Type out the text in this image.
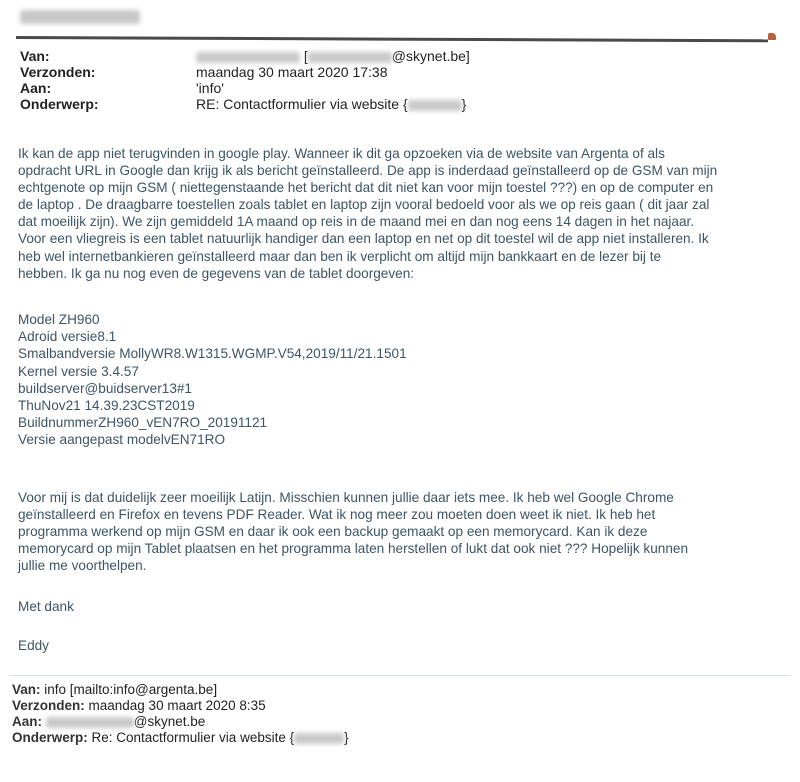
Van:	[	@skynet.be]
Verzonden:	maandag 30 maart 2020 17:38
Aan:	'info'
Onderwerp:	RE: Contactformulier via website {	}

Ik kan de app niet terugvinden in google play. Wanneer ik dit ga opzoeken via de website van Argenta of als
opdracht URL in Google dan krijg ik als bericht geïnstalleerd. De app is inderdaad geïnstalleerd op de GSM van mijn
echtgenote op mijn GSM ( niettegenstaande het bericht dat dit niet kan voor mijn toestel ???) en op de computer en
de laptop . De draagbarre toestellen zoals tablet en laptop zijn vooral bedoeld voor als we op reis gaan ( dit jaar zal
dat moeilijk zijn). We zijn gemiddeld 1A maand op reis in de maand mei en dan nog eens 14 dagen in het najaar.
Voor een vliegreis is een tablet natuurlijk handiger dan een laptop en net op dit toestel wil de app niet installeren. Ik
heb wel internetbankieren geïnstalleerd maar dan ben ik verplicht om altijd mijn bankkaart en de lezer bij te
hebben. Ik ga nu nog even de gegevens van de tablet doorgeven:

Model ZH960
Adroid versie8.1
Smalbandversie MollyWR8.W1315.WGMP.V54,2019/11/21.1501
Kernel versie 3.4.57
buildserver@buidserver13#1
ThuNov21 14.39.23CST2019
BuildnummerZH960_vEN7RO_20191121
Versie aangepast modelvEN71RO
Voor mij is dat duidelijk zeer moeilijk Latijn. Misschien kunnen jullie daar iets mee. Ik heb wel Google Chrome
geïnstalleerd en Firefox en tevens PDF Reader. Wat ik nog meer zou moeten doen weet ik niet. Ik heb het
programma werkend op mijn GSM en daar ik ook een backup gemaakt op een memorycard. Kan ik deze
memorycard op mijn Tablet plaatsen en het programma laten herstellen of lukt dat ook niet ??? Hopelijk kunnen
jullie me voorthelpen.
Met dank
Eddy
Van: info [mailto:info@argenta.be]
Verzonden: maandag 30 maart 2020 8:35
Aan:	@skynet.be
Onderwerp: Re: Contactformulier via website {	}
